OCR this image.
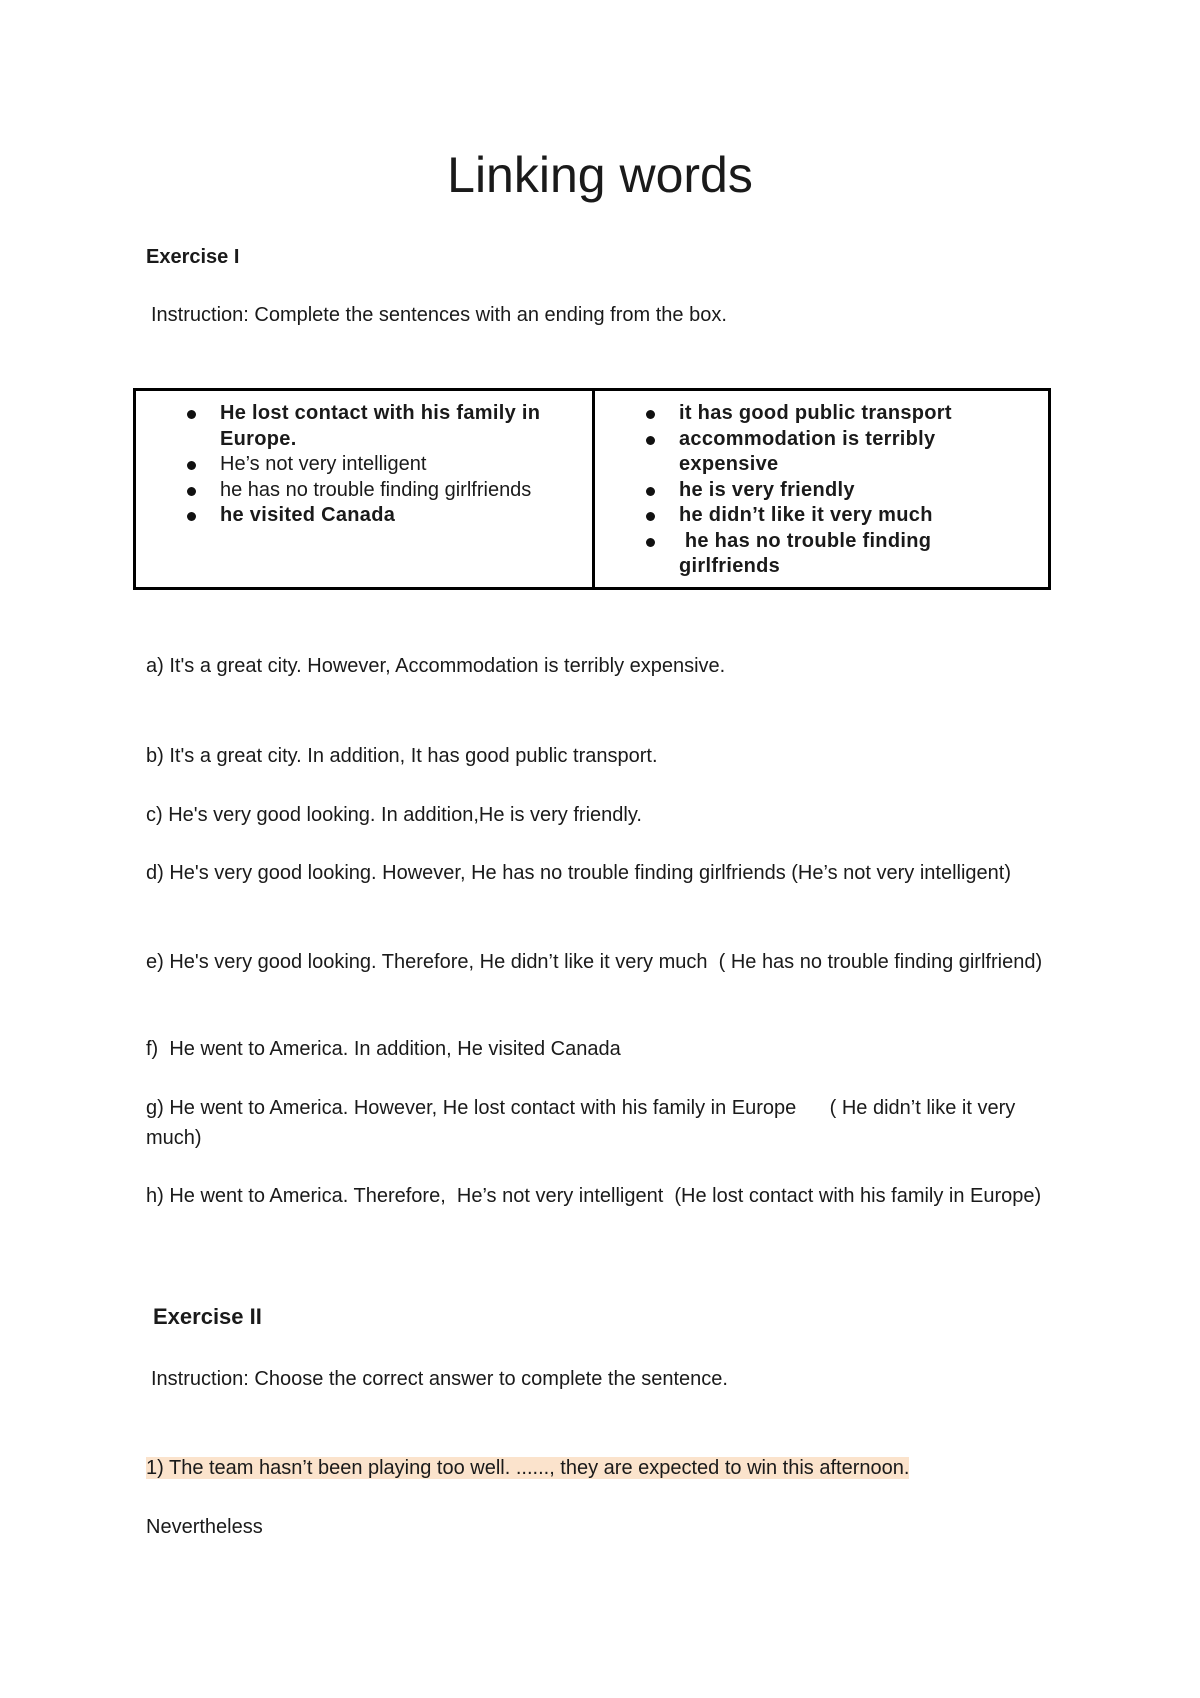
Linking words
Exercise I

Instruction: Complete the sentences with an ending from the box.

He lost contact with his family in Europe.
He’s not very intelligent
he has no trouble finding girlfriends
he visited Canada
it has good public transport
accommodation is terribly expensive
he is very friendly
he didn’t like it very much
he has no trouble finding girlfriends

a) It's a great city. However, Accommodation is terribly expensive.

b) It's a great city. In addition, It has good public transport.

c) He's very good looking. In addition,He is very friendly.

d) He's very good looking. However, He has no trouble finding girlfriends (He’s not very intelligent)

e) He's very good looking. Therefore, He didn’t like it very much  ( He has no trouble finding girlfriend)

f)  He went to America. In addition, He visited Canada

g) He went to America. However, He lost contact with his family in Europe      ( He didn’t like it very much)

h) He went to America. Therefore,  He’s not very intelligent  (He lost contact with his family in Europe)

Exercise II

Instruction: Choose the correct answer to complete the sentence.

1) The team hasn’t been playing too well. ......, they are expected to win this afternoon.

Nevertheless
